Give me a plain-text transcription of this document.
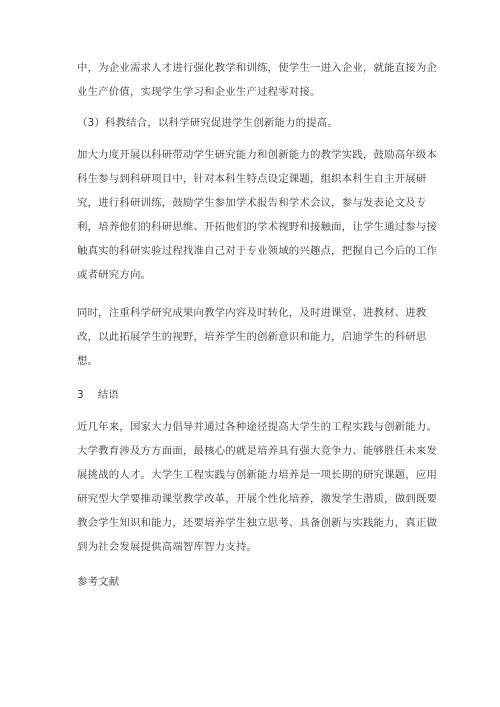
中，为企业需求人才进行强化教学和训练，使学生一进入企业，就能直接为企
业生产价值，实现学生学习和企业生产过程零对接。
（3）科教结合，以科学研究促进学生创新能力的提高。
加大力度开展以科研带动学生研究能力和创新能力的教学实践，鼓励高年级本
科生参与到科研项目中，针对本科生特点设定课题，组织本科生自主开展研
究，进行科研训练，鼓励学生参加学术报告和学术会议，参与发表论文及专
利，培养他们的科研思维、开拓他们的学术视野和接触面，让学生通过参与接
触真实的科研实验过程找准自己对于专业领域的兴趣点，把握自己今后的工作
或者研究方向。
同时，注重科学研究成果向教学内容及时转化，及时进课堂、进教材、进教
改，以此拓展学生的视野，培养学生的创新意识和能力，启迪学生的科研思
想。
3    结语
近几年来，国家大力倡导并通过各种途径提高大学生的工程实践与创新能力。
大学教育涉及方方面面，最核心的就是培养具有强大竞争力、能够胜任未来发
展挑战的人才。大学生工程实践与创新能力培养是一项长期的研究课题，应用
研究型大学要推动课堂教学改革，开展个性化培养，激发学生潜质，做到既要
教会学生知识和能力，还要培养学生独立思考、具备创新与实践能力，真正做
到为社会发展提供高端智库智力支持。
参考文献
